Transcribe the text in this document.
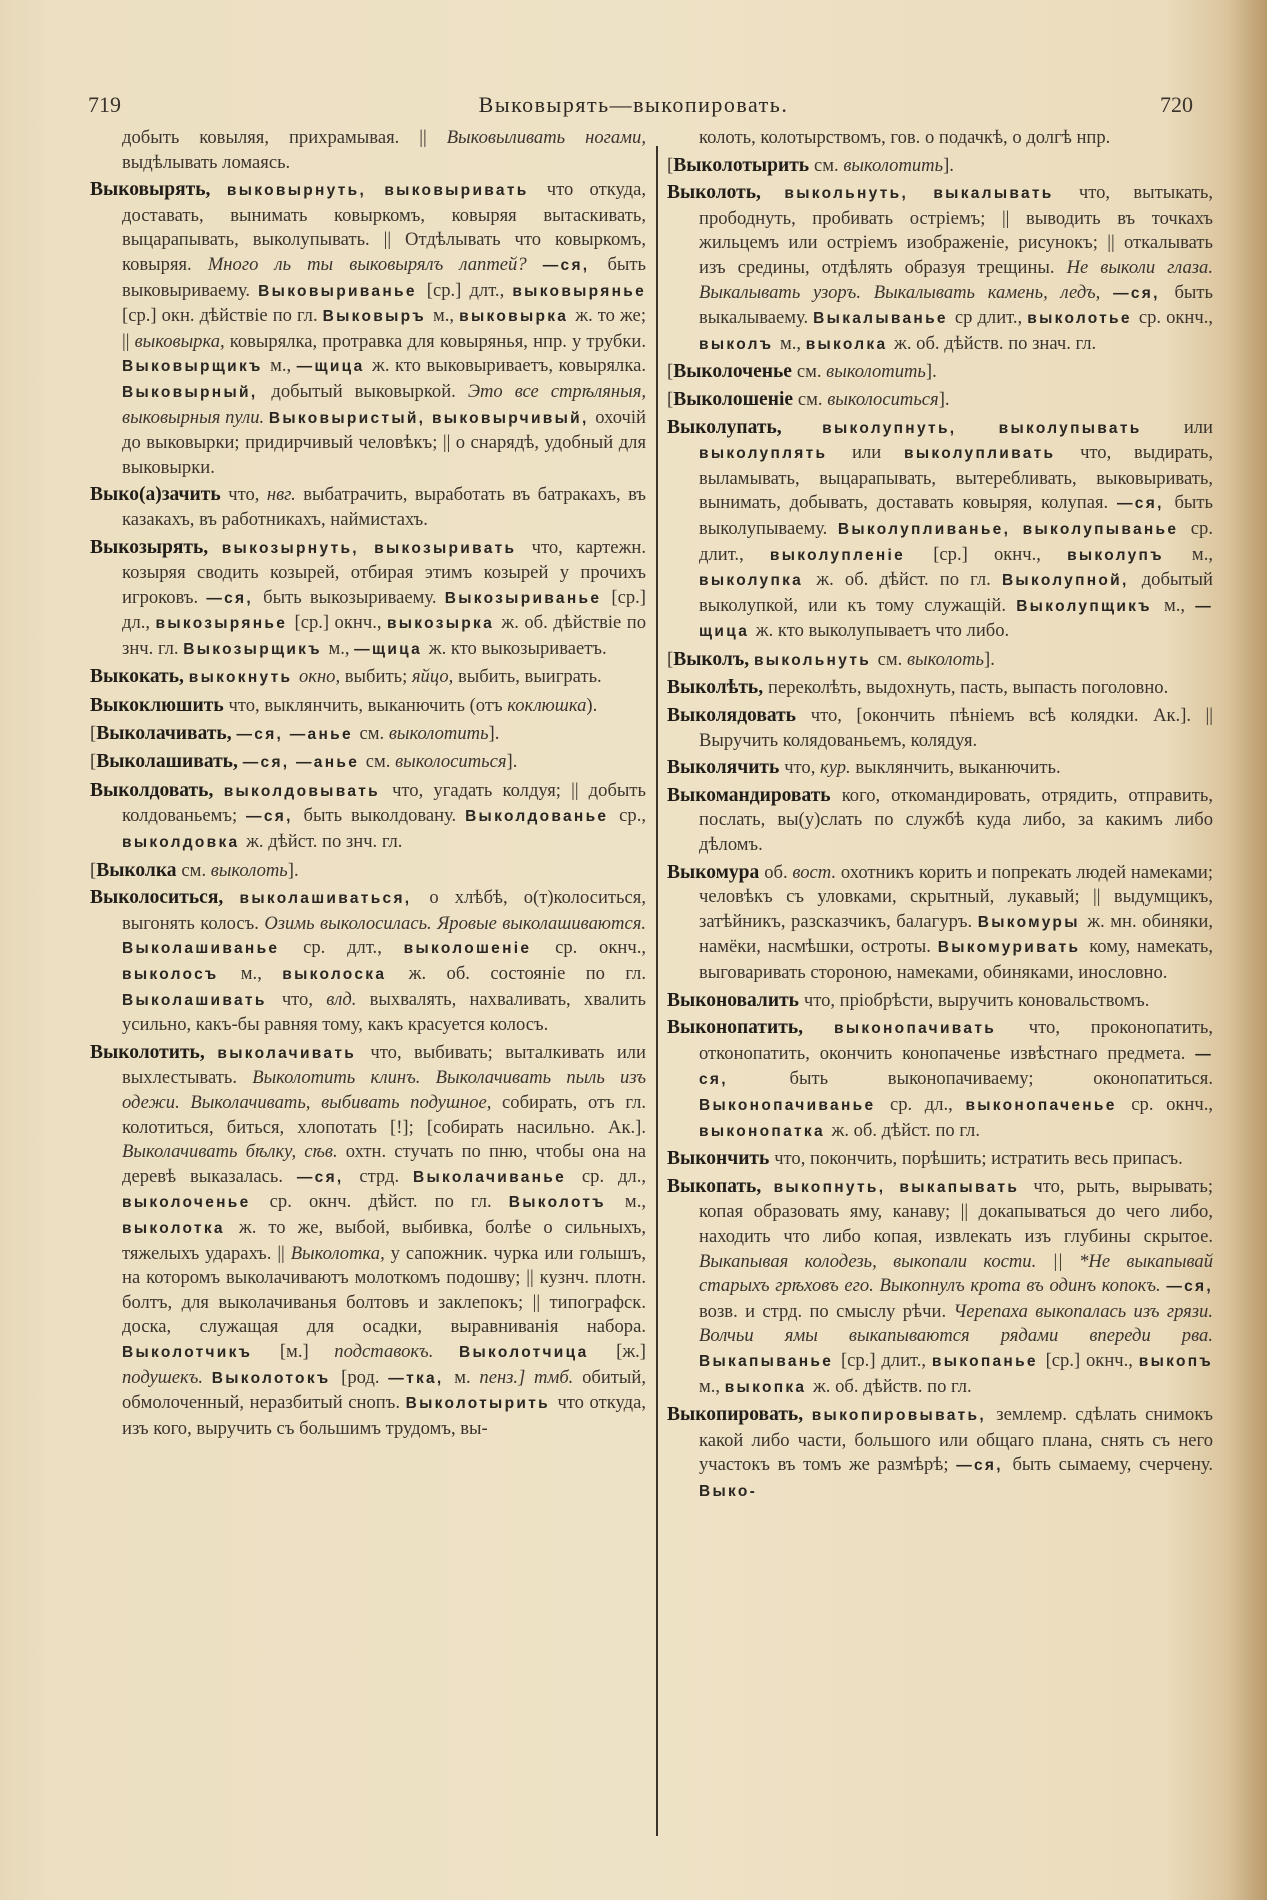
719	Выковырять—выкопировать.	720

добыть ковыляя, прихрамывая. || Выковыливать ногами, выдѣлывать ломаясь.

Выковырять, выковырнуть, выковыривать что откуда, доставать, вынимать ковыркомъ, ковыряя вытаскивать, выцарапывать, выколупывать. || Отдѣлывать что ковыркомъ, ковыряя. Много ль ты выковырялъ лаптей? —ся, быть выковыриваему. Выковыриванье [ср.] длт., выковырянье [ср.] окн. дѣйствіе по гл. Выковыръ м., выковырка ж. то же; || выковырка, ковырялка, протравка для ковырянья, нпр. у трубки. Выковырщикъ м., —щица ж. кто выковыриваетъ, ковырялка. Выковырный, добытый выковыркой. Это все стрѣляныя, выковырныя пули. Выковыристый, выковырчивый, охочій до выковырки; придирчивый человѣкъ; || о снарядѣ, удобный для выковырки.

Выко(а)зачить что, нвг. выбатрачить, выработать въ батракахъ, въ казакахъ, въ работникахъ, наймистахъ.

Выкозырять, выкозырнуть, выкозыривать что, картежн. козыряя сводить козырей, отбирая этимъ козырей у прочихъ игроковъ. —ся, быть выкозыриваему. Выкозыриванье [ср.] дл., выкозырянье [ср.] окнч., выкозырка ж. об. дѣйствіе по знч. гл. Выкозырщикъ м., —щица ж. кто выкозыриваетъ.

Выкокать, выкокнуть окно, выбить; яйцо, выбить, выиграть.

Выкоклюшить что, выклянчить, выканючить (отъ коклюшка).

[Выколачивать, —ся, —анье см. выколотить].

[Выколашивать, —ся, —анье см. выколоситься].

Выколдовать, выколдовывать что, угадать колдуя; || добыть колдованьемъ; —ся, быть выколдовану. Выколдованье ср., выколдовка ж. дѣйст. по знч. гл.

[Выколка см. выколоть].

Выколоситься, выколашиваться, о хлѣбѣ, о(т)колоситься, выгонять колосъ. Озимь выколосилась. Яровые выколашиваются. Выколашиванье ср. длт., выколошеніе ср. окнч., выколосъ м., выколоска ж. об. состояніе по гл. Выколашивать что, влд. выхвалять, нахваливать, хвалить усильно, какъ-бы равняя тому, какъ красуется колосъ.

Выколотить, выколачивать что, выбивать; выталкивать или выхлестывать. Выколотить клинъ. Выколачивать пыль изъ одежи. Выколачивать, выбивать подушное, собирать, отъ гл. колотиться, биться, хлопотать [!]; [собирать насильно. Ак.]. Выколачивать бѣлку, сѣв. охтн. стучать по пню, чтобы она на деревѣ выказалась. —ся, стрд. Выколачиванье ср. дл., выколоченье ср. окнч. дѣйст. по гл. Выколотъ м., выколотка ж. то же, выбой, выбивка, болѣе о сильныхъ, тяжелыхъ ударахъ. || Выколотка, у сапожник. чурка или голышъ, на которомъ выколачиваютъ молоткомъ подошву; || кузнч. плотн. болтъ, для выколачиванья болтовъ и заклепокъ; || типографск. доска, служащая для осадки, выравниванія набора. Выколотчикъ [м.] подставокъ. Выколотчица [ж.] подушекъ. Выколотокъ [род. —тка, м. пенз.] тмб. обитый, обмолоченный, неразбитый снопъ. Выколотырить что откуда, изъ кого, выручить съ большимъ трудомъ, вы-

колоть, колотырствомъ, гов. о подачкѣ, о долгѣ нпр.

[Выколотырить см. выколотить].

Выколоть, выкольнуть, выкалывать что, вытыкать, прободнуть, пробивать остріемъ; || выводить въ точкахъ жильцемъ или остріемъ изображеніе, рисунокъ; || откалывать изъ средины, отдѣлять образуя трещины. Не выколи глаза. Выкалывать узоръ. Выкалывать камень, ледъ, —ся, быть выкалываему. Выкалыванье ср длит., выколотье ср. окнч., выколъ м., выколка ж. об. дѣйств. по знач. гл.

[Выколоченье см. выколотить].

[Выколошеніе см. выколоситься].

Выколупать, выколупнуть, выколупывать или выколуплять или выколупливать что, выдирать, выламывать, выцарапывать, вытеребливать, выковыривать, вынимать, добывать, доставать ковыряя, колупая. —ся, быть выколупываему. Выколупливанье, выколупыванье ср. длит., выколупленіе [ср.] окнч., выколупъ м., выколупка ж. об. дѣйст. по гл. Выколупной, добытый выколупкой, или къ тому служащій. Выколупщикъ м., —щица ж. кто выколупываетъ что либо.

[Выколъ, выкольнуть см. выколоть].

Выколѣть, переколѣть, выдохнуть, пасть, выпасть поголовно.

Выколядовать что, [окончить пѣніемъ всѣ колядки. Ак.]. || Выручить колядованьемъ, колядуя.

Выколячить что, кур. выклянчить, выканючить.

Выкомандировать кого, откомандировать, отрядить, отправить, послать, вы(у)слать по службѣ куда либо, за какимъ либо дѣломъ.

Выкомура об. вост. охотникъ корить и попрекать людей намеками; человѣкъ съ уловками, скрытный, лукавый; || выдумщикъ, затѣйникъ, разсказчикъ, балагуръ. Выкомуры ж. мн. обиняки, намёки, насмѣшки, остроты. Выкомуривать кому, намекать, выговаривать стороною, намеками, обиняками, инословно.

Выконовалить что, пріобрѣсти, выручить коновальствомъ.

Выконопатить, выконопачивать что, проконопатить, отконопатить, окончить конопаченье извѣстнаго предмета. —ся, быть выконопачиваему; оконопатиться. Выконопачиванье ср. дл., выконопаченье ср. окнч., выконопатка ж. об. дѣйст. по гл.

Выкончить что, покончить, порѣшить; истратить весь припасъ.

Выкопать, выкопнуть, выкапывать что, рыть, вырывать; копая образовать яму, канаву; || докапываться до чего либо, находить что либо копая, извлекать изъ глубины скрытое. Выкапывая колодезь, выкопали кости. || *Не выкапывай старыхъ грѣховъ его. Выкопнулъ крота въ одинъ копокъ. —ся, возв. и стрд. по смыслу рѣчи. Черепаха выкопалась изъ грязи. Волчьи ямы выкапываются рядами впереди рва. Выкапыванье [ср.] длит., выкопанье [ср.] окнч., выкопъ м., выкопка ж. об. дѣйств. по гл.

Выкопировать, выкопировывать, землемр. сдѣлать снимокъ какой либо части, большого или общаго плана, снять съ него участокъ въ томъ же размѣрѣ; —ся, быть сымаему, счерчену. Выко-
